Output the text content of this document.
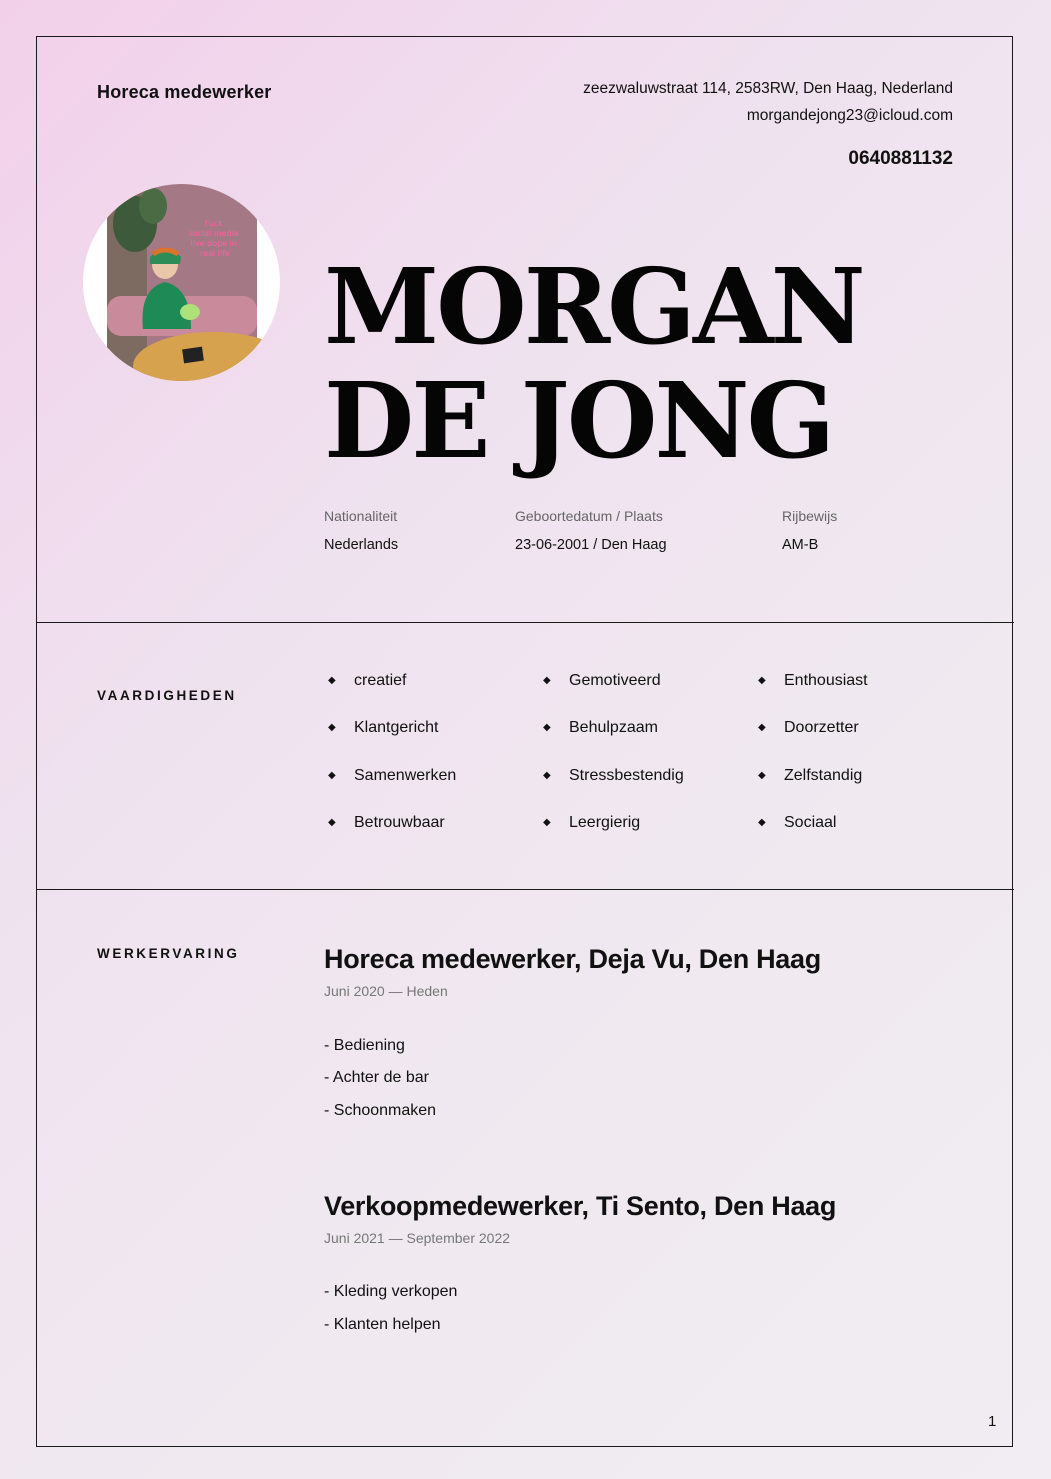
Horeca medewerker	zeezwaluwstraat 114, 2583RW, Den Haag, Nederland
morgandejong23@icloud.com
0640881132
Fuck social media live dope in real life MORGAN
DE JONG
Nationaliteit
Nederlands
Geboortedatum / Plaats
23-06-2001 / Den Haag
Rijbewijs
AM-B
VAARDIGHEDEN
◆ creatief	◆ Gemotiveerd	◆ Enthousiast
◆ Klantgericht	◆ Behulpzaam	◆ Doorzetter
◆ Samenwerken	◆ Stressbestendig	◆ Zelfstandig
◆ Betrouwbaar	◆ Leergierig	◆ Sociaal
WERKERVARING	Horeca medewerker, Deja Vu, Den Haag
Juni 2020 — Heden
- Bediening
- Achter de bar
- Schoonmaken
Verkoopmedewerker, Ti Sento, Den Haag
Juni 2021 — September 2022
- Kleding verkopen
- Klanten helpen
1
